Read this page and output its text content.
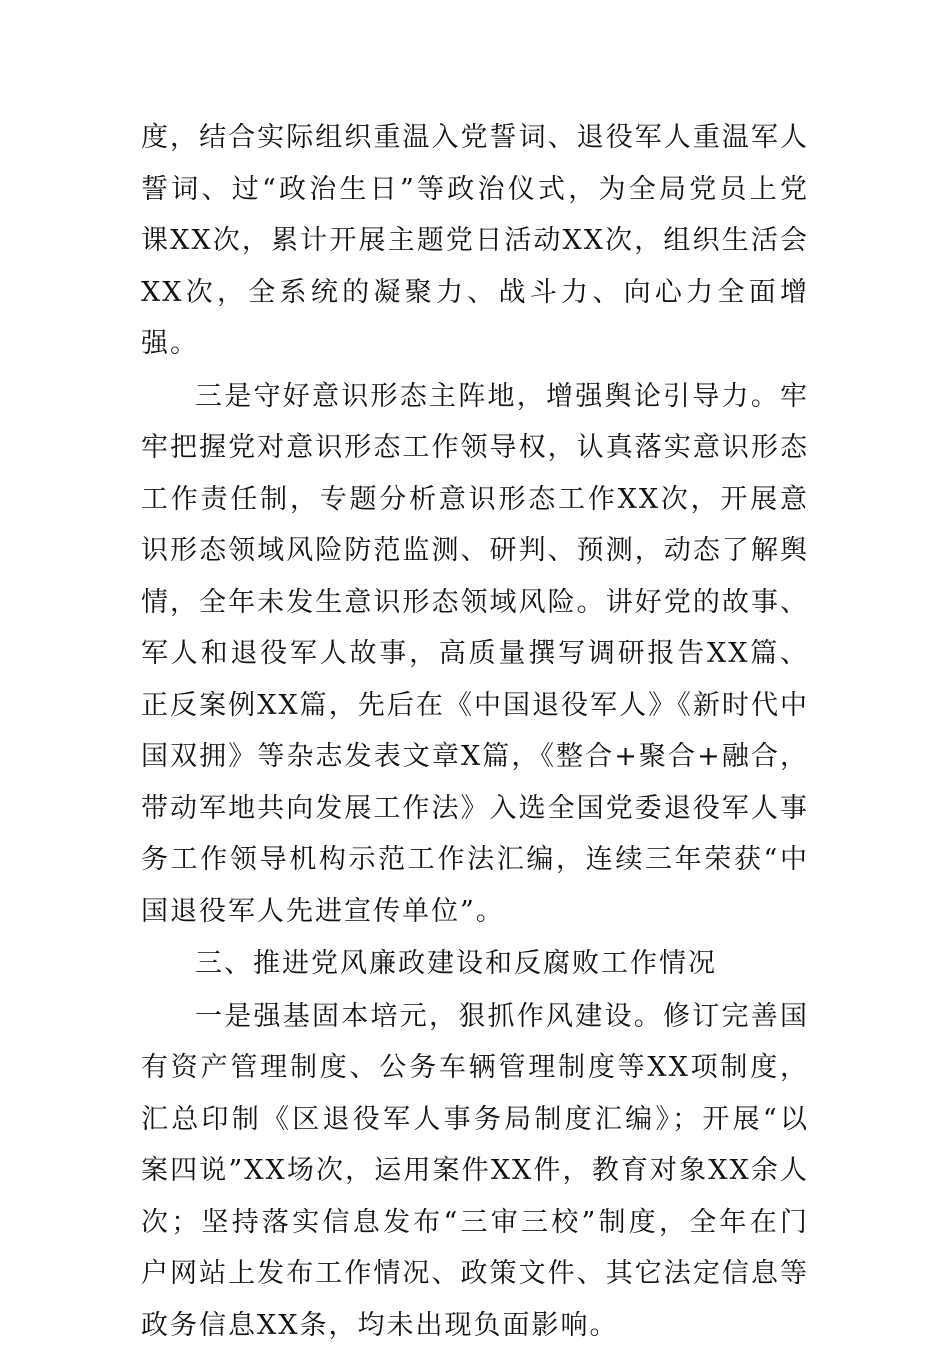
度，结合实际组织重温入党誓词、退役军人重温军人誓词、过“政治生日”等政治仪式，为全局党员上党课XX次，累计开展主题党日活动XX次，组织生活会XX次，全系统的凝聚力、战斗力、向心力全面增强。

三是守好意识形态主阵地，增强舆论引导力。牢牢把握党对意识形态工作领导权，认真落实意识形态工作责任制，专题分析意识形态工作XX次，开展意识形态领域风险防范监测、研判、预测，动态了解舆情，全年未发生意识形态领域风险。讲好党的故事、军人和退役军人故事，高质量撰写调研报告XX篇、正反案例XX篇，先后在《中国退役军人》《新时代中国双拥》等杂志发表文章X篇，《整合+聚合+融合，带动军地共向发展工作法》入选全国党委退役军人事务工作领导机构示范工作法汇编，连续三年荣获“中国退役军人先进宣传单位”。

三、推进党风廉政建设和反腐败工作情况

一是强基固本培元，狠抓作风建设。修订完善国有资产管理制度、公务车辆管理制度等XX项制度，汇总印制《区退役军人事务局制度汇编》；开展“以案四说”XX场次，运用案件XX件，教育对象XX余人次；坚持落实信息发布“三审三校”制度，全年在门户网站上发布工作情况、政策文件、其它法定信息等政务信息XX条，均未出现负面影响。
